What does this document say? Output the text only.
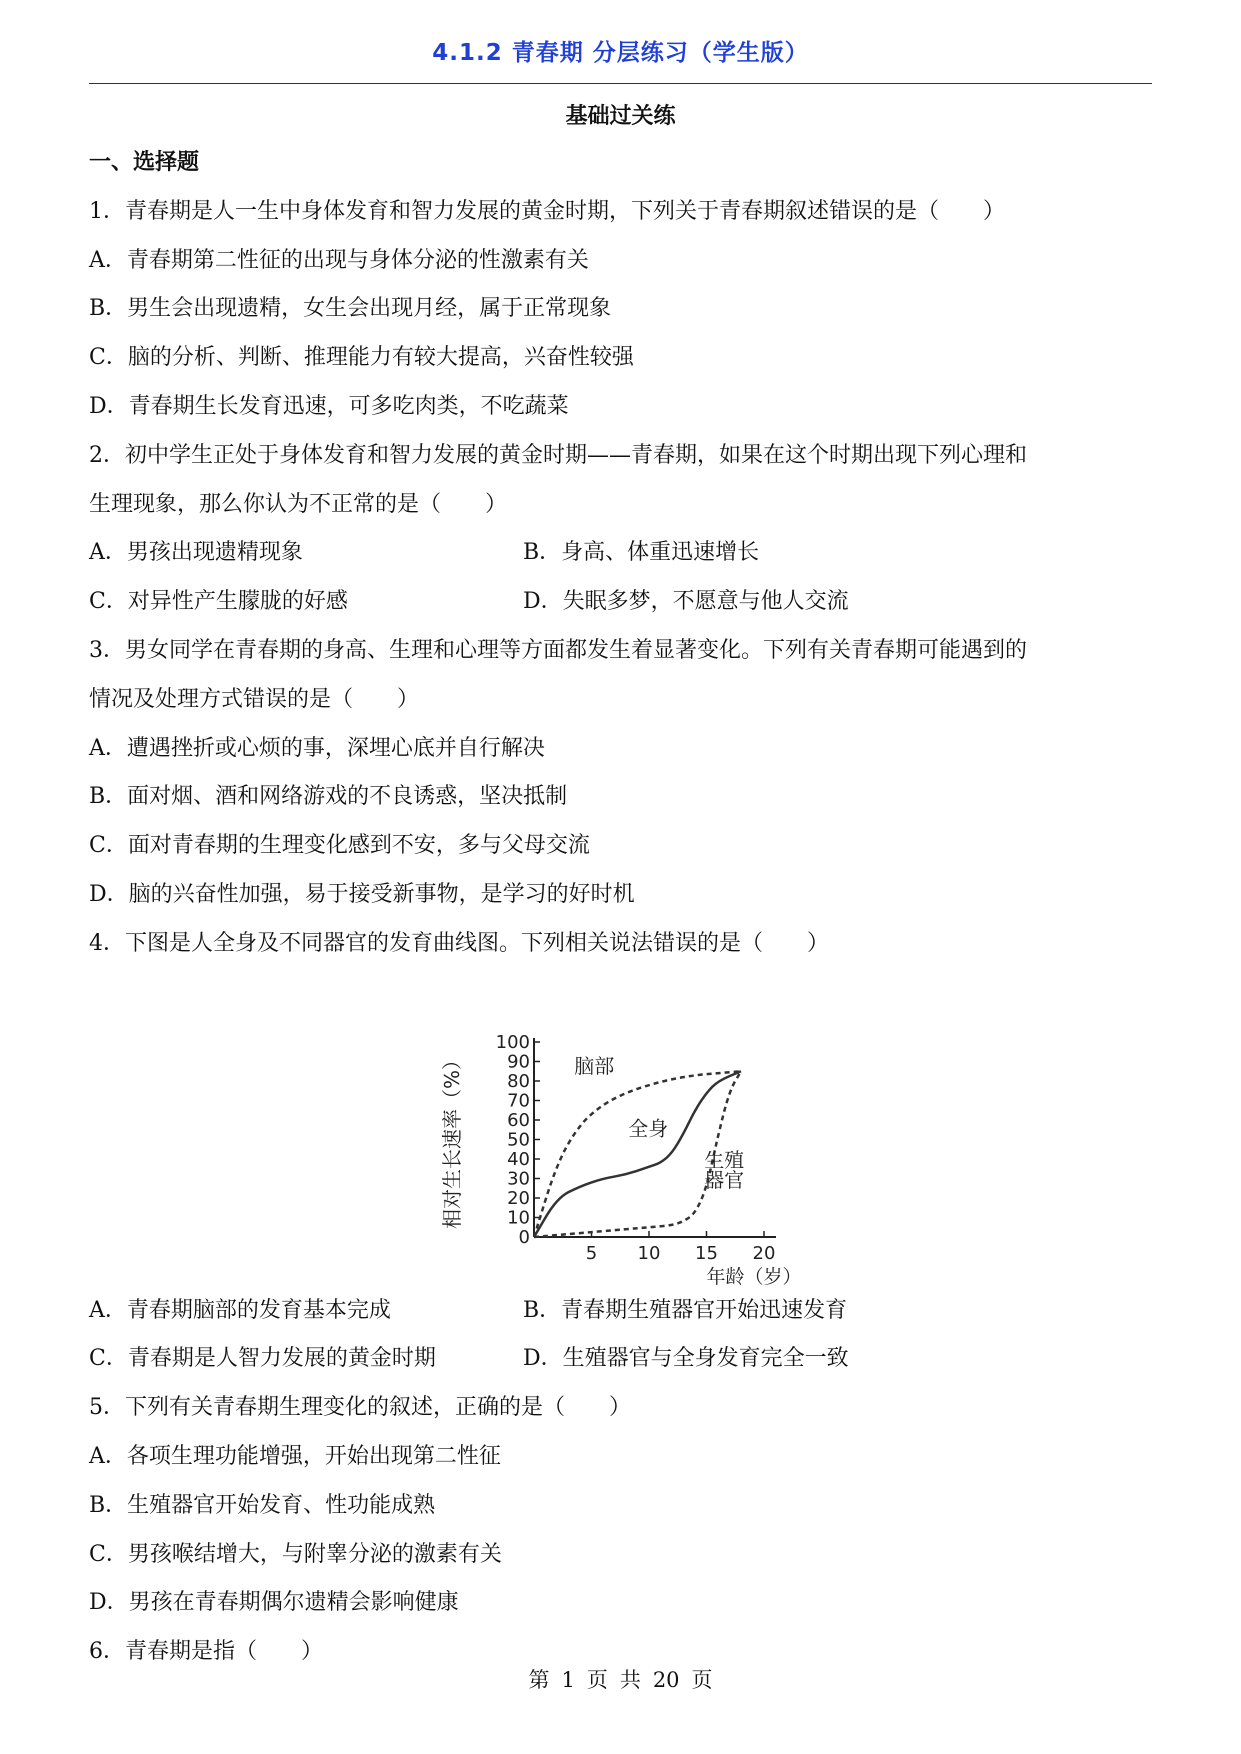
4.1.2 青春期 分层练习（学生版）
基础过关练
一、选择题
1．青春期是人一生中身体发育和智力发展的黄金时期，下列关于青春期叙述错误的是（　　）
A．青春期第二性征的出现与身体分泌的性激素有关
B．男生会出现遗精，女生会出现月经，属于正常现象
C．脑的分析、判断、推理能力有较大提高，兴奋性较强
D．青春期生长发育迅速，可多吃肉类，不吃蔬菜
2．初中学生正处于身体发育和智力发展的黄金时期——青春期，如果在这个时期出现下列心理和
生理现象，那么你认为不正常的是（　　）
A．男孩出现遗精现象	B．身高、体重迅速增长
C．对异性产生朦胧的好感	D．失眠多梦，不愿意与他人交流
3．男女同学在青春期的身高、生理和心理等方面都发生着显著变化。下列有关青春期可能遇到的
情况及处理方式错误的是（　　）
A．遭遇挫折或心烦的事，深埋心底并自行解决
B．面对烟、酒和网络游戏的不良诱惑，坚决抵制
C．面对青春期的生理变化感到不安，多与父母交流
D．脑的兴奋性加强，易于接受新事物，是学习的好时机
4．下图是人全身及不同器官的发育曲线图。下列相关说法错误的是（　　）
0
10
20
30
40
50
60
70
80
90
100
5 10 15 20
相对生长速率（%）
年龄（岁）
脑部
全身
生殖
器官
A．青春期脑部的发育基本完成	B．青春期生殖器官开始迅速发育
C．青春期是人智力发展的黄金时期	D．生殖器官与全身发育完全一致
5．下列有关青春期生理变化的叙述，正确的是（　　）
A．各项生理功能增强，开始出现第二性征
B．生殖器官开始发育、性功能成熟
C．男孩喉结增大，与附睾分泌的激素有关
D．男孩在青春期偶尔遗精会影响健康
6．青春期是指（　　）
第 1 页 共 20 页
